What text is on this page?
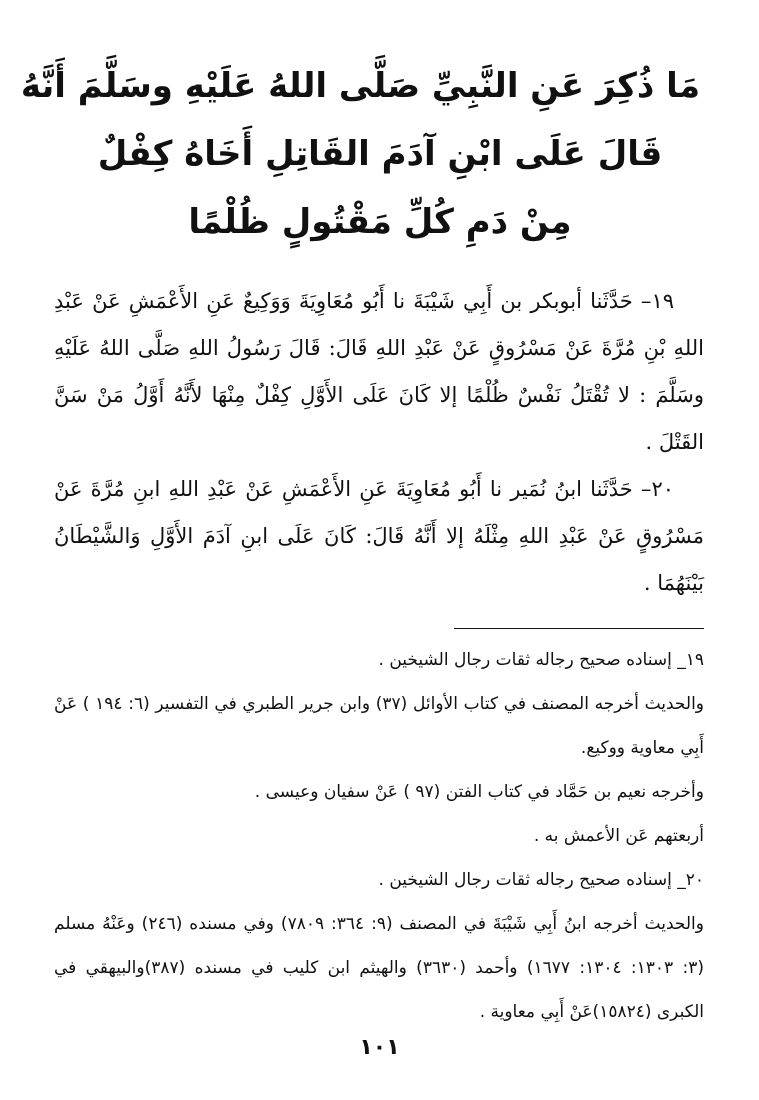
مَا ذُكِرَ عَنِ النَّبِيِّ صَلَّى اللهُ عَلَيْهِ وسَلَّمَ أَنَّهُ
قَالَ عَلَى ابْنِ آدَمَ القَاتِلِ أَخَاهُ كِفْلٌ
مِنْ دَمِ كُلِّ مَقْتُولٍ ظُلْمًا

١٩– حَدَّثَنا أبوبكر بن أَبِي شَيْبَةَ نا أَبُو مُعَاوِيَةَ وَوَكِيعٌ عَنِ الأَعْمَشِ عَنْ عَبْدِ اللهِ بْنِ مُرَّةَ عَنْ مَسْرُوقٍ عَنْ عَبْدِ اللهِ قَالَ: قَالَ رَسُولُ اللهِ صَلَّى اللهُ عَلَيْهِ وسَلَّمَ : لا تُقْتَلُ نَفْسٌ ظُلْمًا إلا كَانَ عَلَى الأَوَّلِ كِفْلٌ مِنْهَا لأَنَّهُ أَوَّلُ مَنْ سَنَّ القَتْلَ .

٢٠– حَدَّثَنا ابنُ نُمَير نا أَبُو مُعَاوِيَةَ عَنِ الأَعْمَشِ عَنْ عَبْدِ اللهِ ابنِ مُرَّةَ عَنْ مَسْرُوقٍ عَنْ عَبْدِ اللهِ مِثْلَهُ إلا أَنَّهُ قَالَ: كَانَ عَلَى ابنِ آدَمَ الأَوَّلِ وَالشَّيْطَانُ بَيْنَهُمَا .

١٩_ إسناده صحيح رجاله ثقات رجال الشيخين .

والحديث أخرجه المصنف في كتاب الأوائل (٣٧) وابن جرير الطبري في التفسير (٦: ١٩٤ ) عَنْ أَبِي معاوية ووكيع.

وأخرجه نعيم بن حَمَّاد في كتاب الفتن (٩٧ ) عَنْ سفيان وعيسى .

أربعتهم عَن الأعمش به .

٢٠_ إسناده صحيح رجاله ثقات رجال الشيخين .

والحديث أخرجه ابنُ أَبِي شَيْبَةَ في المصنف (٩: ٣٦٤: ٧٨٠٩) وفي مسنده (٢٤٦) وعَنْهُ مسلم (٣: ١٣٠٣: ١٣٠٤: ١٦٧٧) وأحمد (٣٦٣٠) والهيثم ابن كليب في مسنده (٣٨٧)والبيهقي في الكبرى (١٥٨٢٤)عَنْ أَبِي معاوية .

١٠١
